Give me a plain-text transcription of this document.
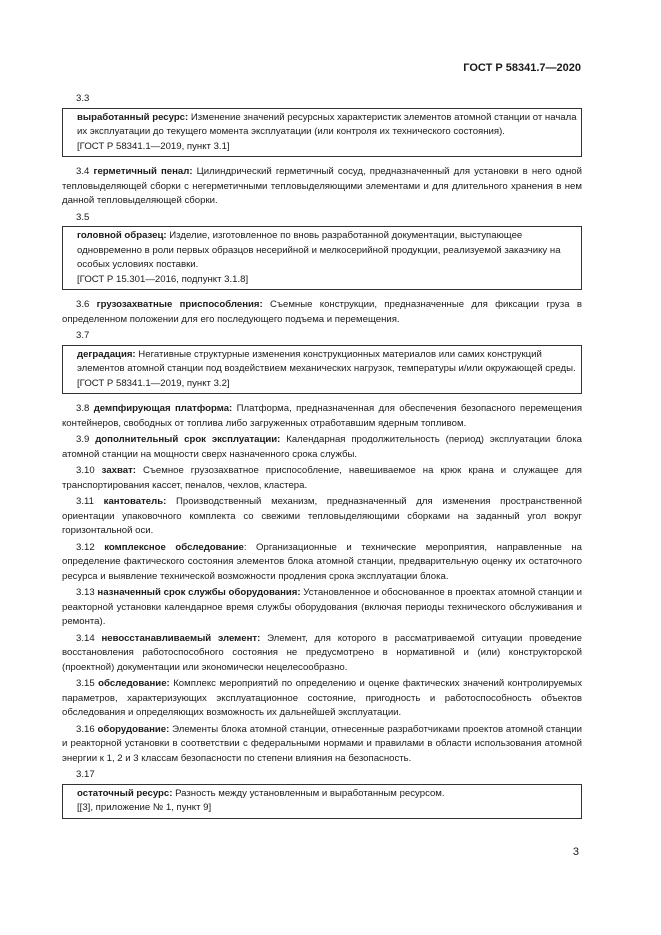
ГОСТ Р 58341.7—2020

3.3

выработанный ресурс: Изменение значений ресурсных характеристик элементов атомной станции от начала их эксплуатации до текущего момента эксплуатации (или контроля их технического состояния).

[ГОСТ Р 58341.1—2019, пункт 3.1]

3.4 герметичный пенал: Цилиндрический герметичный сосуд, предназначенный для установки в него одной тепловыделяющей сборки с негерметичными тепловыделяющими элементами и для длительного хранения в нем данной тепловыделяющей сборки.

3.5

головной образец: Изделие, изготовленное по вновь разработанной документации, выступающее одновременно в роли первых образцов несерийной и мелкосерийной продукции, реализуемой заказчику на особых условиях поставки.

[ГОСТ Р 15.301—2016, подпункт 3.1.8]

3.6 грузозахватные приспособления: Съемные конструкции, предназначенные для фиксации груза в определенном положении для его последующего подъема и перемещения.

3.7

деградация: Негативные структурные изменения конструкционных материалов или самих конструкций элементов атомной станции под воздействием механических нагрузок, температуры и/или окружающей среды.

[ГОСТ Р 58341.1—2019, пункт 3.2]

3.8 демпфирующая платформа: Платформа, предназначенная для обеспечения безопасного перемещения контейнеров, свободных от топлива либо загруженных отработавшим ядерным топливом.

3.9 дополнительный срок эксплуатации: Календарная продолжительность (период) эксплуатации блока атомной станции на мощности сверх назначенного срока службы.

3.10 захват: Съемное грузозахватное приспособление, навешиваемое на крюк крана и служащее для транспортирования кассет, пеналов, чехлов, кластера.

3.11 кантователь: Производственный механизм, предназначенный для изменения пространственной ориентации упаковочного комплекта со свежими тепловыделяющими сборками на заданный угол вокруг горизонтальной оси.

3.12 комплексное обследование: Организационные и технические мероприятия, направленные на определение фактического состояния элементов блока атомной станции, предварительную оценку их остаточного ресурса и выявление технической возможности продления срока эксплуатации блока.

3.13 назначенный срок службы оборудования: Установленное и обоснованное в проектах атомной станции и реакторной установки календарное время службы оборудования (включая периоды технического обслуживания и ремонта).

3.14 невосстанавливаемый элемент: Элемент, для которого в рассматриваемой ситуации проведение восстановления работоспособного состояния не предусмотрено в нормативной и (или) конструкторской (проектной) документации или экономически нецелесообразно.

3.15 обследование: Комплекс мероприятий по определению и оценке фактических значений контролируемых параметров, характеризующих эксплуатационное состояние, пригодность и работоспособность объектов обследования и определяющих возможность их дальнейшей эксплуатации.

3.16 оборудование: Элементы блока атомной станции, отнесенные разработчиками проектов атомной станции и реакторной установки в соответствии с федеральными нормами и правилами в области использования атомной энергии к 1, 2 и 3 классам безопасности по степени влияния на безопасность.

3.17

остаточный ресурс: Разность между установленным и выработанным ресурсом.

[[3], приложение № 1, пункт 9]

3
